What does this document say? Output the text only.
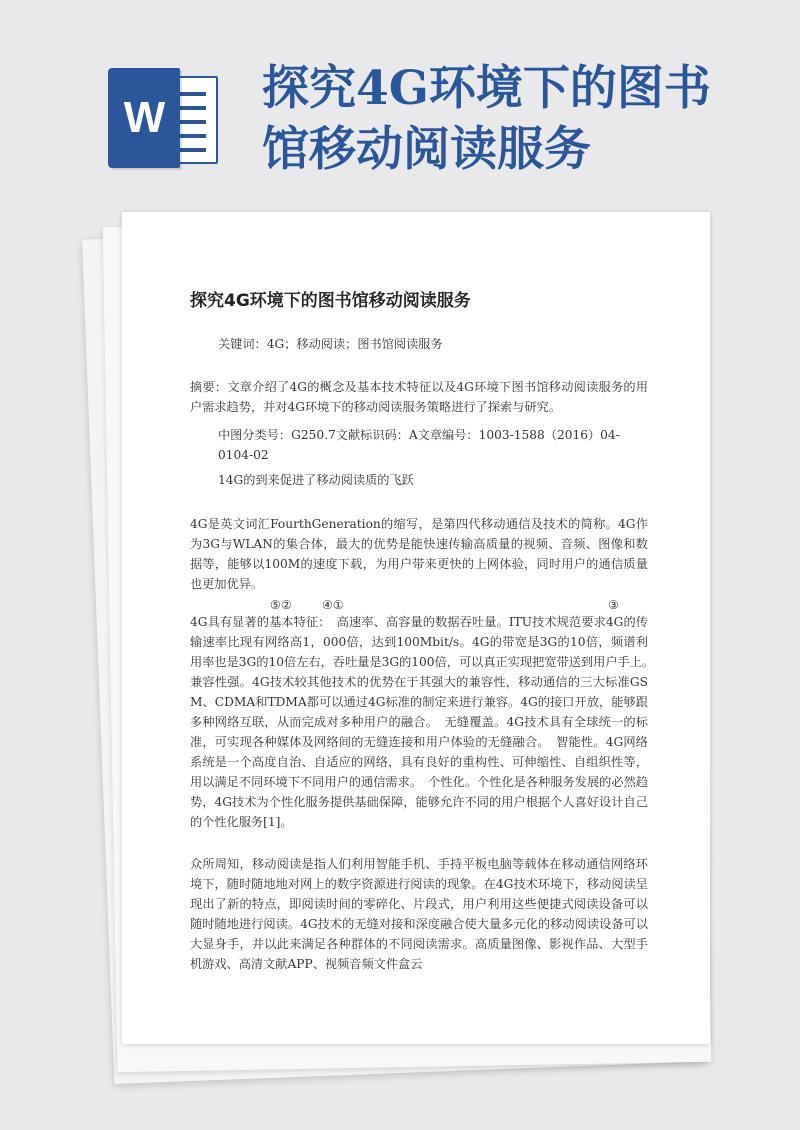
W
探究4G环境下的图书
馆移动阅读服务
探究4G环境下的图书馆移动阅读服务

关键词：4G；移动阅读；图书馆阅读服务

摘要：文章介绍了4G的概念及基本技术特征以及4G环境下图书馆移动阅读服务的用户需求趋势，并对4G环境下的移动阅读服务策略进行了探索与研究。

中图分类号：G250.7文献标识码：A文章编号：1003-1588（2016）04-0104-02

14G的到来促进了移动阅读质的飞跃

4G是英文词汇FourthGeneration的缩写，是第四代移动通信及技术的简称。4G作为3G与WLAN的集合体，最大的优势是能快速传输高质量的视频、音频、图像和数据等，能够以100M的速度下载，为用户带来更快的上网体验，同时用户的通信质量也更加优异。

⑤② ④①	③

4G具有显著的基本特征：　高速率、高容量的数据吞吐量。ITU技术规范要求4G的传输速率比现有网络高1，000倍，达到100Mbit/s。4G的带宽是3G的10倍，频谱利用率也是3G的10倍左右，吞吐量是3G的100倍，可以真正实现把宽带送到用户手上。　兼容性强。4G技术较其他技术的优势在于其强大的兼容性，移动通信的三大标准GSM、CDMA和TDMA都可以通过4G标准的制定来进行兼容。4G的接口开放，能够跟多种网络互联，从而完成对多种用户的融合。　无缝覆盖。4G技术具有全球统一的标准，可实现各种媒体及网络间的无缝连接和用户体验的无缝融合。　智能性。4G网络系统是一个高度自治、自适应的网络，具有良好的重构性、可伸缩性、自组织性等，用以满足不同环境下不同用户的通信需求。　个性化。个性化是各种服务发展的必然趋势，4G技术为个性化服务提供基础保障，能够允许不同的用户根据个人喜好设计自己的个性化服务[1]。

众所周知，移动阅读是指人们利用智能手机、手持平板电脑等载体在移动通信网络环境下，随时随地地对网上的数字资源进行阅读的现象。在4G技术环境下，移动阅读呈现出了新的特点，即阅读时间的零碎化、片段式，用户利用这些便捷式阅读设备可以随时随地进行阅读。4G技术的无缝对接和深度融合使大量多元化的移动阅读设备可以大显身手，并以此来满足各种群体的不同阅读需求。高质量图像、影视作品、大型手机游戏、高清文献APP、视频音频文件盒云
